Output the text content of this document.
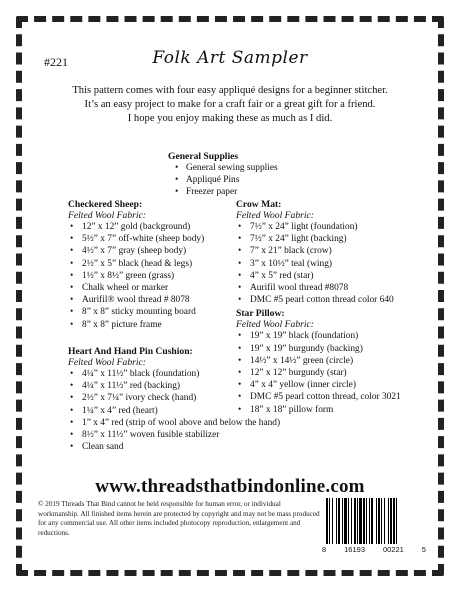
#221	Folk Art Sampler
This pattern comes with four easy appliqué designs for a beginner stitcher.
It’s an easy project to make for a craft fair or a great gift for a friend.
I hope you enjoy making these as much as I did.
General Supplies
• General sewing supplies
• Appliqué Pins
• Freezer paper
Checkered Sheep:
Felted Wool Fabric:
• 12” x 12” gold (background)
• 5½” x 7” off-white (sheep body)
• 4½” x 7” gray (sheep body)
• 2½” x 5” black (head & legs)
• 1½” x 8½” green (grass)
• Chalk wheel or marker
• Aurifil® wool thread # 8078
• 8” x 8” sticky mounting board
• 8” x 8” picture frame
Crow Mat:
Felted Wool Fabric:
• 7½” x 24” light (foundation)
• 7½” x 24” light (backing)
• 7” x 21” black (crow)
• 3” x 10½” teal (wing)
• 4” x 5” red (star)
• Aurifil wool thread #8078
• DMC #5 pearl cotton thread color 640
Star Pillow:
Felted Wool Fabric:
• 19” x 19” black (foundation)
• 19” x 19” burgundy (backing)
• 14½” x 14½” green (circle)
• 12” x 12” burgundy (star)
• 4” x 4” yellow (inner circle)
• DMC #5 pearl cotton thread, color 3021
• 18” x 18” pillow form
Heart And Hand Pin Cushion:
Felted Wool Fabric:
• 4¼” x 11½” black (foundation)
• 4¼” x 11½” red (backing)
• 2½” x 7¼” ivory check (hand)
• 1¼” x 4” red (heart)
• 1” x 4” red (strip of wool above and below the hand)
• 8½” x 11½” woven fusible stabilizer
• Clean sand
www.threadsthatbindonline.com
© 2019 Threads That Bind cannot be held responsible for human error, or individual workmanship. All finished items herein are protected by copyright and may not be mass produced for any commercial use. All other items included photocopy reproduction, enlargement and reductions.
8 16193 00221 5
